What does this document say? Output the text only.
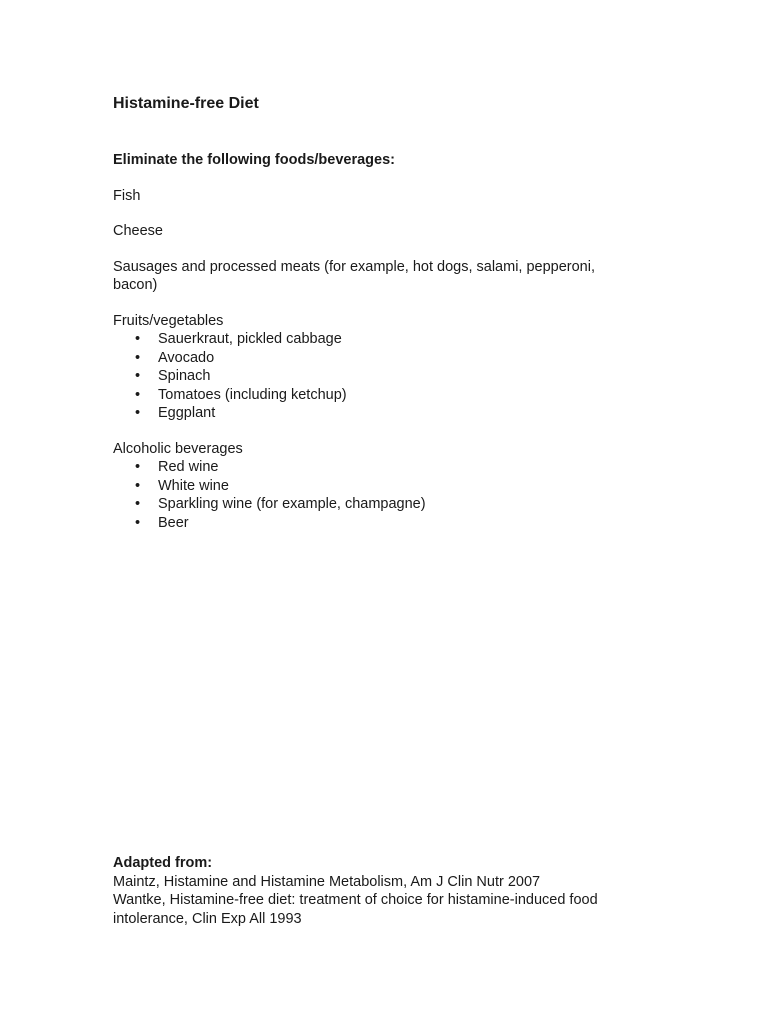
Histamine-free Diet
Eliminate the following foods/beverages:
Fish
Cheese
Sausages and processed meats (for example, hot dogs, salami, pepperoni, bacon)
Fruits/vegetables
• Sauerkraut, pickled cabbage
• Avocado
• Spinach
• Tomatoes (including ketchup)
• Eggplant
Alcoholic beverages
• Red wine
• White wine
• Sparkling wine (for example, champagne)
• Beer
Adapted from:
Maintz, Histamine and Histamine Metabolism, Am J Clin Nutr 2007
Wantke, Histamine-free diet: treatment of choice for histamine-induced food intolerance, Clin Exp All 1993
